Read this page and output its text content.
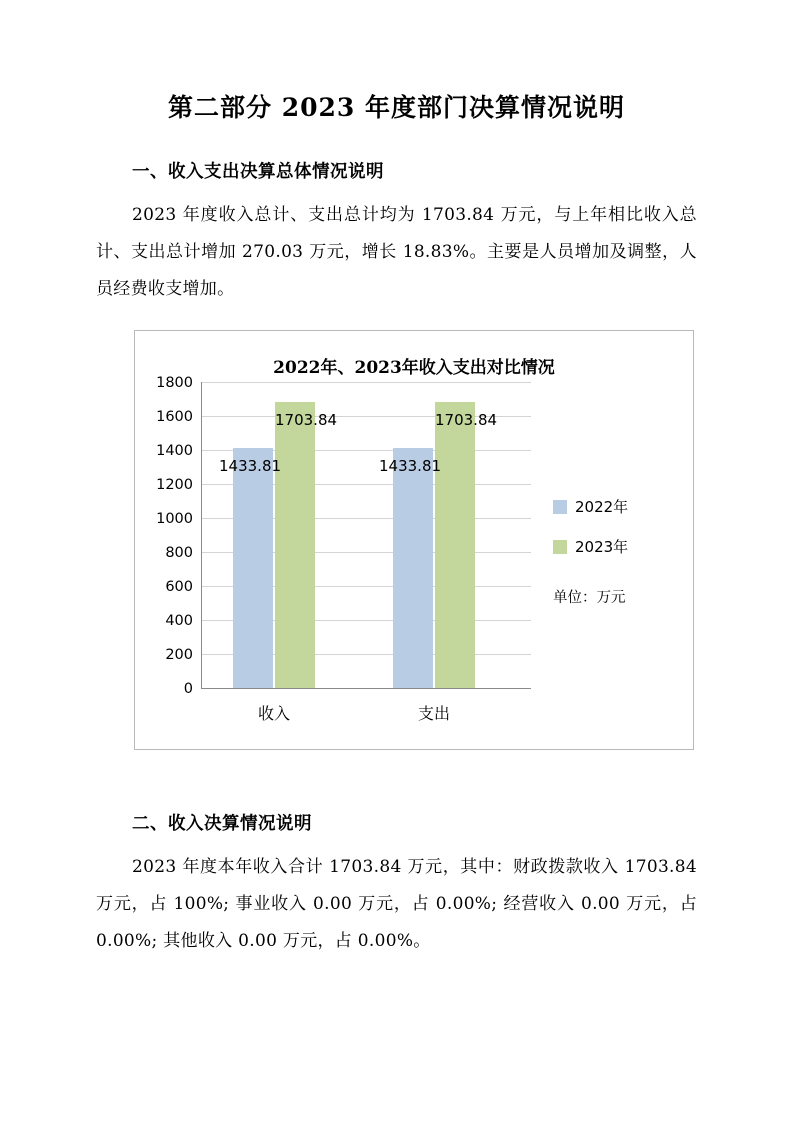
第二部分 2023 年度部门决算情况说明
一、收入支出决算总体情况说明

2023 年度收入总计、支出总计均为 1703.84 万元，与上年相比收入总计、支出总计增加 270.03 万元，增长 18.83%。主要是人员增加及调整，人员经费收支增加。

2022年、2023年收入支出对比情况
1800
1600
1400
1200
1000
800
600
400
200
0
1433.81
1703.84
1433.81
1703.84
收入	支出
2022年
2023年
单位：万元
二、收入决算情况说明

2023 年度本年收入合计 1703.84 万元，其中：财政拨款收入 1703.84 万元，占 100%; 事业收入 0.00 万元，占 0.00%; 经营收入 0.00 万元，占 0.00%; 其他收入 0.00 万元，占 0.00%。
